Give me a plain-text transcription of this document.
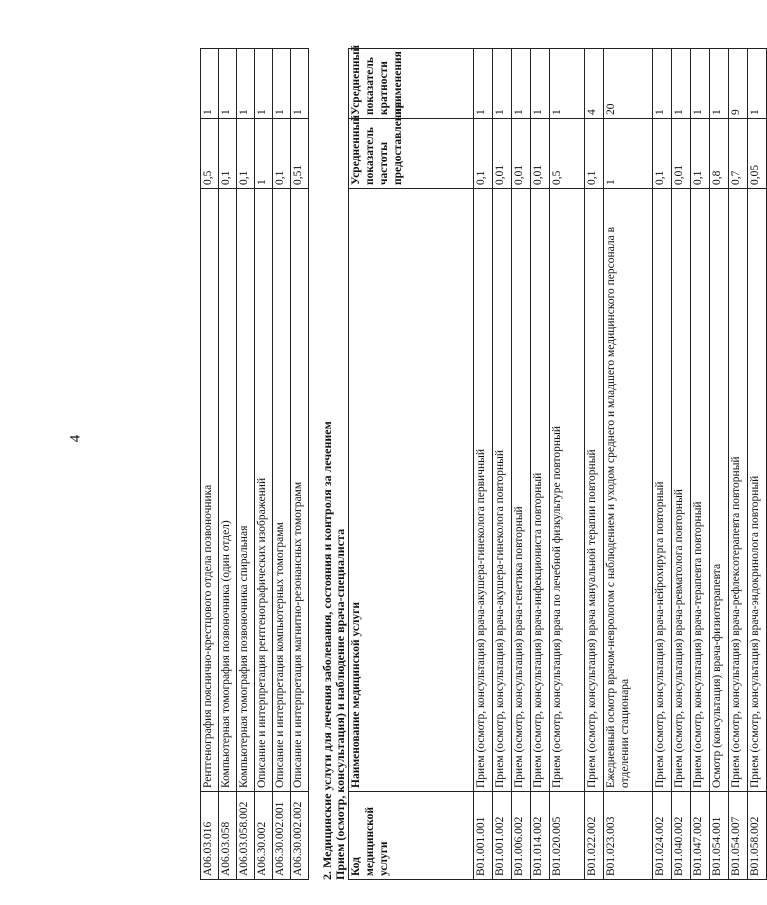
4
A06.03.016	Рентгенография пояснично-крестцового отдела позвоночника	0,5	1
A06.03.058	Компьютерная томография позвоночника (один отдел)	0,1	1
A06.03.058.002	Компьютерная томография позвоночника спиральная	0,1	1
A06.30.002	Описание и интерпретация рентгенографических изображений	1	1
A06.30.002.001	Описание и интерпретация компьютерных томограмм	0,1	1
A06.30.002.002	Описание и интерпретация магнитно-резонансных томограмм	0,51	1
2. Медицинские услуги для лечения заболевания, состояния и контроля за лечением Прием (осмотр, консультация) и наблюдение врача-специалиста Код медицинской услуги	Наименование медицинской услуги	Усредненный показатель частоты предоставления	Усредненный показатель кратности применения
B01.001.001	Прием (осмотр, консультация) врача-акушера-гинеколога первичный	0,1	1
B01.001.002	Прием (осмотр, консультация) врача-акушера-гинеколога повторный	0,01	1
B01.006.002	Прием (осмотр, консультация) врача-генетика повторный	0,01	1
B01.014.002	Прием (осмотр, консультация) врача-инфекциониста повторный	0,01	1
B01.020.005	Прием (осмотр, консультация) врача по лечебной физкультуре повторный	0,5	1
B01.022.002	Прием (осмотр, консультация) врача мануальной терапии повторный	0,1	4
B01.023.003	Ежедневный осмотр врачом-неврологом с наблюдением и уходом среднего и младшего медицинского персонала в отделении стационара	1	20
B01.024.002	Прием (осмотр, консультация) врача-нейрохирурга повторный	0,1	1
B01.040.002	Прием (осмотр, консультация) врача-ревматолога повторный	0,01	1
B01.047.002	Прием (осмотр, консультация) врача-терапевта повторный	0,1	1
B01.054.001	Осмотр (консультация) врача-физиотерапевта	0,8	1
B01.054.007	Прием (осмотр, консультация) врача-рефлексотерапевта повторный	0,7	9
B01.058.002	Прием (осмотр, консультация) врача-эндокринолога повторный	0,05	1
